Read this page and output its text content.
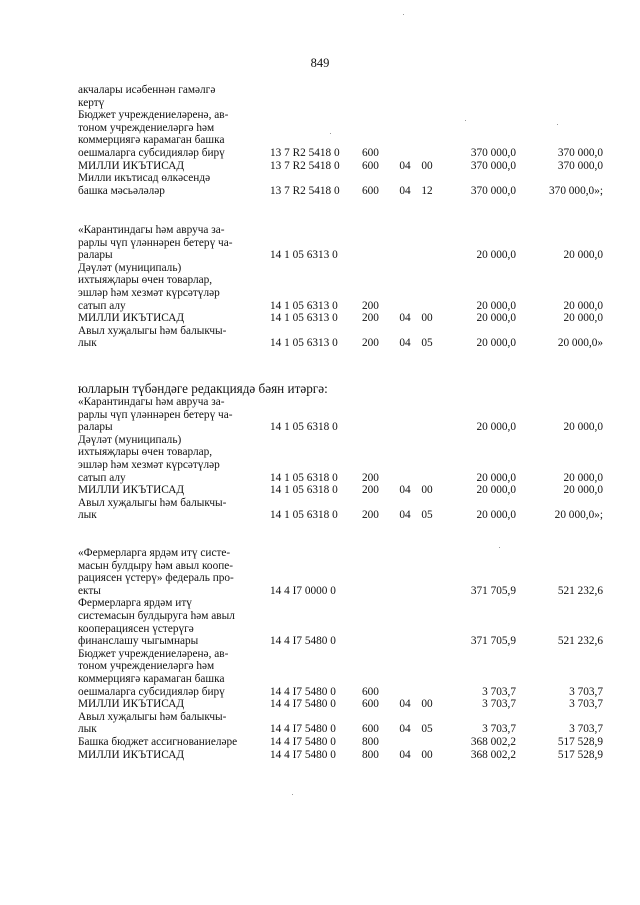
849
юлларын түбәндәге редакциядә бәян итәргә:
акчалары исәбеннән гамәлгә
кертү
Бюджет учреждениеләренә, ав-
тоном учреждениеләргә һәм
коммерциягә карамаган башка
оешмаларга субсидияләр бирү	13 7 R2 5418 0 600	370 000,0	370 000,0
МИЛЛИ ИКЪТИСАД	13 7 R2 5418 0 600 04 00	370 000,0	370 000,0
Милли икътисад өлкәсендә
башка мәсьәләләр	13 7 R2 5418 0 600 04 12	370 000,0	370 000,0»;
«Карантиндагы һәм авруча за-
рарлы чүп үләннәрен бетерү ча-
ралары	14 1 05 6313 0	20 000,0	20 000,0
Дәүләт (муниципаль)
ихтыяҗлары өчен товарлар,
эшләр һәм хезмәт күрсәтүләр
сатып алу	14 1 05 6313 0 200	20 000,0	20 000,0
МИЛЛИ ИКЪТИСАД	14 1 05 6313 0 200 04 00	20 000,0	20 000,0
Авыл хуҗалыгы һәм балыкчы-
лык	14 1 05 6313 0 200 04 05	20 000,0	20 000,0»
«Карантиндагы һәм авруча за-
рарлы чүп үләннәрен бетерү ча-
ралары	14 1 05 6318 0	20 000,0	20 000,0
Дәүләт (муниципаль)
ихтыяҗлары өчен товарлар,
эшләр һәм хезмәт күрсәтүләр
сатып алу	14 1 05 6318 0 200	20 000,0	20 000,0
МИЛЛИ ИКЪТИСАД	14 1 05 6318 0 200 04 00	20 000,0	20 000,0
Авыл хуҗалыгы һәм балыкчы-
лык	14 1 05 6318 0 200 04 05	20 000,0	20 000,0»;
«Фермерларга ярдәм итү систе-
масын булдыру һәм авыл коопе-
рациясен үстерү» федераль про-
екты	14 4 I7 0000 0	371 705,9	521 232,6
Фермерларга ярдәм итү
системасын булдыруга һәм авыл
кооперациясен үстерүгә
финанслашу чыгымнары	14 4 I7 5480 0	371 705,9	521 232,6
Бюджет учреждениеләренә, ав-
тоном учреждениеләргә һәм
коммерциягә карамаган башка
оешмаларга субсидияләр бирү	14 4 I7 5480 0 600	3 703,7	3 703,7
МИЛЛИ ИКЪТИСАД	14 4 I7 5480 0 600 04 00	3 703,7	3 703,7
Авыл хуҗалыгы һәм балыкчы-
лык	14 4 I7 5480 0 600 04 05	3 703,7	3 703,7
Башка бюджет ассигнованиеләре	14 4 I7 5480 0 800	368 002,2	517 528,9
МИЛЛИ ИКЪТИСАД	14 4 I7 5480 0 800 04 00	368 002,2	517 528,9
